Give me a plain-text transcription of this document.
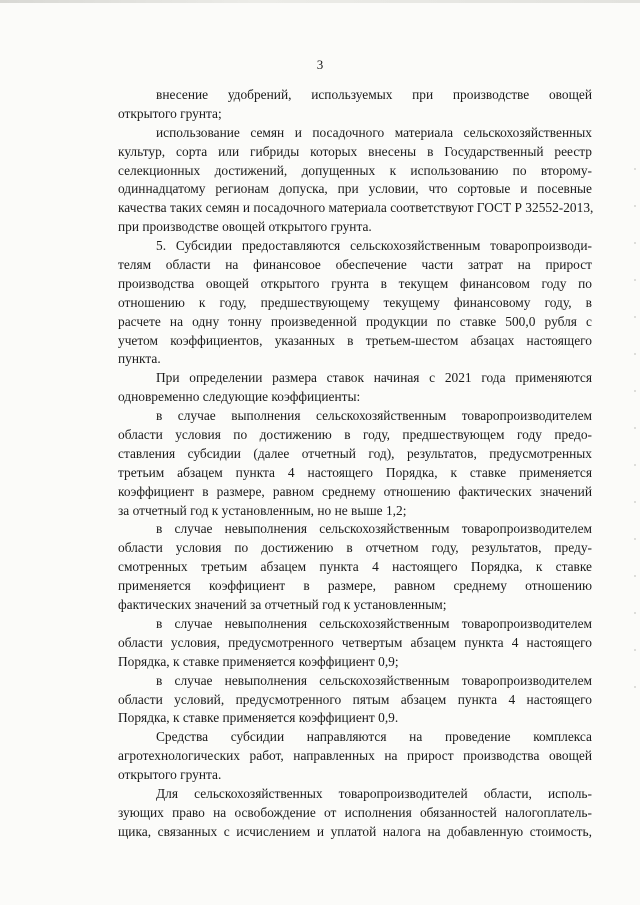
3
внесение удобрений, используемых при производстве овощей
открытого грунта;
использование семян и посадочного материала сельскохозяйственных
культур, сорта или гибриды которых внесены в Государственный реестр
селекционных достижений, допущенных к использованию по второму-
одиннадцатому регионам допуска, при условии, что сортовые и посевные
качества таких семян и посадочного материала соответствуют ГОСТ Р 32552-2013,
при производстве овощей открытого грунта.
5. Субсидии предоставляются сельскохозяйственным товаропроизводи-
телям области на финансовое обеспечение части затрат на прирост
производства овощей открытого грунта в текущем финансовом году по
отношению к году, предшествующему текущему финансовому году, в
расчете на одну тонну произведенной продукции по ставке 500,0 рубля с
учетом коэффициентов, указанных в третьем-шестом абзацах настоящего
пункта.
При определении размера ставок начиная с 2021 года применяются
одновременно следующие коэффициенты:
в случае выполнения сельскохозяйственным товаропроизводителем
области условия по достижению в году, предшествующем году предо-
ставления субсидии (далее отчетный год), результатов, предусмотренных
третьим абзацем пункта 4 настоящего Порядка, к ставке применяется
коэффициент в размере, равном среднему отношению фактических значений
за отчетный год к установленным, но не выше 1,2;
в случае невыполнения сельскохозяйственным товаропроизводителем
области условия по достижению в отчетном году, результатов, преду-
смотренных третьим абзацем пункта 4 настоящего Порядка, к ставке
применяется коэффициент в размере, равном среднему отношению
фактических значений за отчетный год к установленным;
в случае невыполнения сельскохозяйственным товаропроизводителем
области условия, предусмотренного четвертым абзацем пункта 4 настоящего
Порядка, к ставке применяется коэффициент 0,9;
в случае невыполнения сельскохозяйственным товаропроизводителем
области условий, предусмотренного пятым абзацем пункта 4 настоящего
Порядка, к ставке применяется коэффициент 0,9.
Средства субсидии направляются на проведение комплекса
агротехнологических работ, направленных на прирост производства овощей
открытого грунта.
Для сельскохозяйственных товаропроизводителей области, исполь-
зующих право на освобождение от исполнения обязанностей налогоплатель-
щика, связанных с исчислением и уплатой налога на добавленную стоимость,
